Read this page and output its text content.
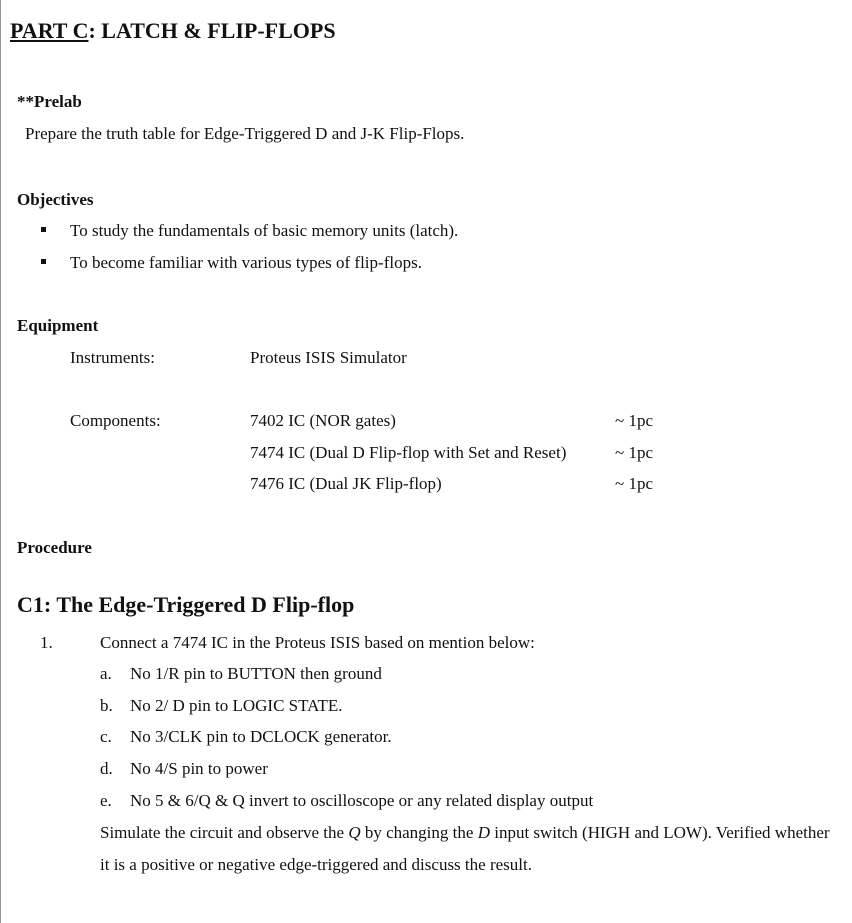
PART C: LATCH & FLIP-FLOPS
**Prelab
Prepare the truth table for Edge-Triggered D and J-K Flip-Flops.
Objectives
To study the fundamentals of basic memory units (latch).
To become familiar with various types of flip-flops.
Equipment
Instruments:	Proteus ISIS Simulator
Components:	7402 IC (NOR gates)	~ 1pc
7474 IC (Dual D Flip-flop with Set and Reset)	~ 1pc
7476 IC (Dual JK Flip-flop)	~ 1pc
Procedure
C1: The Edge-Triggered D Flip-flop
1.	Connect a 7474 IC in the Proteus ISIS based on mention below:
a. No 1/R pin to BUTTON then ground
b. No 2/ D pin to LOGIC STATE.
c. No 3/CLK pin to DCLOCK generator.
d. No 4/S pin to power
e. No 5 & 6/Q & Q invert to oscilloscope or any related display output
Simulate the circuit and observe the Q by changing the D input switch (HIGH and LOW). Verified whether it is a positive or negative edge-triggered and discuss the result.
